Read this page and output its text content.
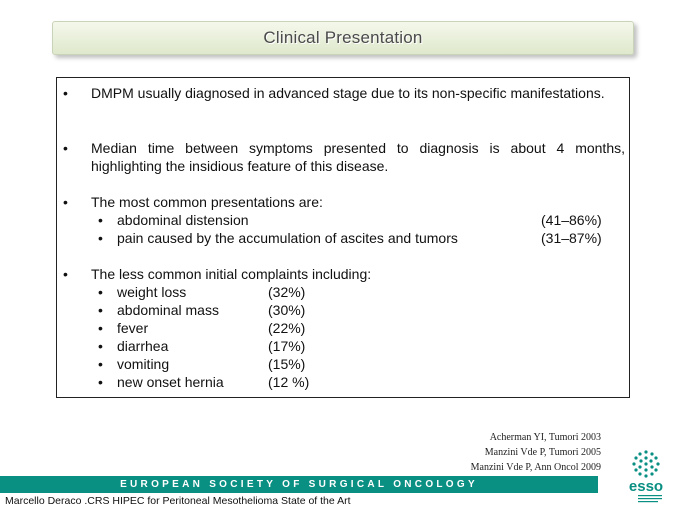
Clinical Presentation
• DMPM usually diagnosed in advanced stage due to its non-specific manifestations.
• Median time between symptoms presented to diagnosis is about 4 months, highlighting the insidious feature of this disease.
• The most common presentations are:
• abdominal distension	(41–86%)
• pain caused by the accumulation of ascites and tumors	(31–87%)
• The less common initial complaints including:
• weight loss	(32%)
• abdominal mass	(30%)
• fever	(22%)
• diarrhea	(17%)
• vomiting	(15%)
• new onset hernia	(12 %)
Acherman YI, Tumori 2003
Manzini Vde P, Tumori 2005
Manzini Vde P, Ann Oncol 2009
EUROPEAN SOCIETY OF SURGICAL ONCOLOGY	esso
Marcello Deraco .CRS HIPEC for Peritoneal Mesothelioma State of the Art
